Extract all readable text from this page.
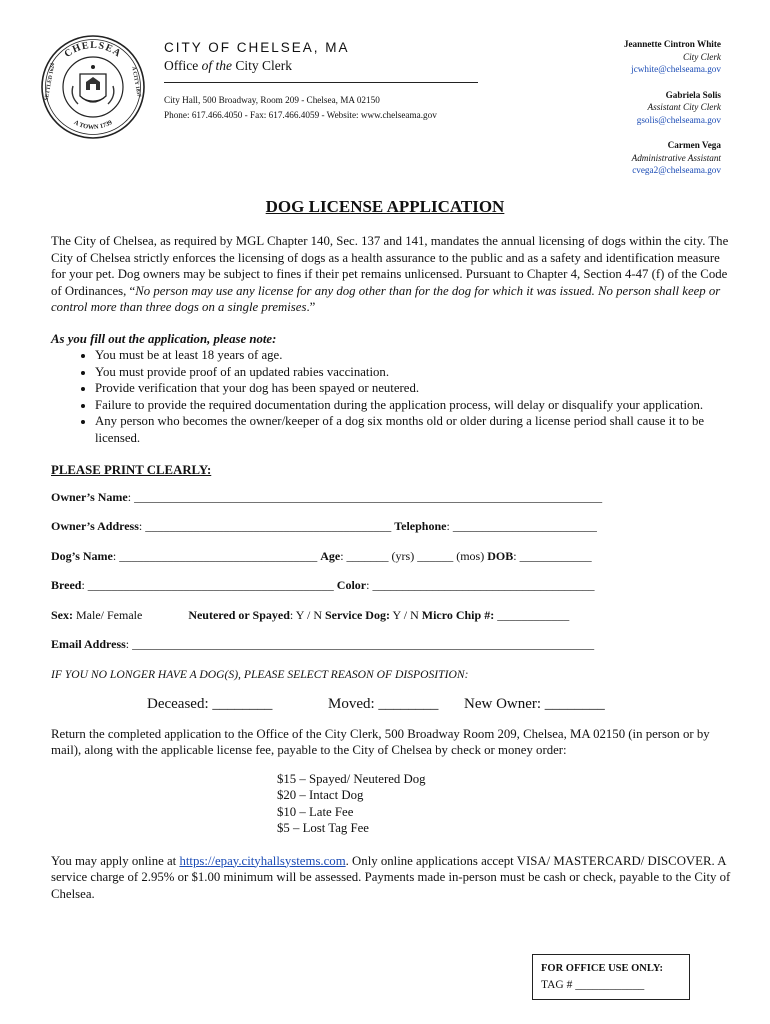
CHELSEA
A TOWN 1739
SETTLED 1624	A CITY 1857
CITY OF CHELSEA, MA
Office of the City Clerk
City Hall, 500 Broadway, Room 209 - Chelsea, MA 02150
Phone: 617.466.4050 - Fax: 617.466.4059 - Website: www.chelseama.gov
Jeannette Cintron White
City Clerk
jcwhite@chelseama.gov
Gabriela Solis
Assistant City Clerk
gsolis@chelseama.gov
Carmen Vega
Administrative Assistant
cvega2@chelseama.gov
DOG LICENSE APPLICATION

The City of Chelsea, as required by MGL Chapter 140, Sec. 137 and 141, mandates the annual licensing of dogs within the city. The City of Chelsea strictly enforces the licensing of dogs as a health assurance to the public and as a safety and identification measure for your pet. Dog owners may be subject to fines if their pet remains unlicensed. Pursuant to Chapter 4, Section 4-47 (f) of the Code of Ordinances, “No person may use any license for any dog other than for the dog for which it was issued. No person shall keep or control more than three dogs on a single premises.”

As you fill out the application, please note:
• You must be at least 18 years of age.
• You must provide proof of an updated rabies vaccination.
• Provide verification that your dog has been spayed or neutered.
• Failure to provide the required documentation during the application process, will delay or disqualify your application.
• Any person who becomes the owner/keeper of a dog six months old or older during a license period shall cause it to be licensed.
PLEASE PRINT CLEARLY:
Owner’s Name: ______________________________________________________________________________
Owner’s Address: _________________________________________ Telephone: ________________________
Dog’s Name: _________________________________ Age: _______ (yrs) ______ (mos) DOB: ____________
Breed: _________________________________________ Color: _____________________________________
Sex: Male/ Female	Neutered or Spayed: Y / N Service Dog: Y / N Micro Chip #: ____________
Email Address: _____________________________________________________________________________
IF YOU NO LONGER HAVE A DOG(S), PLEASE SELECT REASON OF DISPOSITION:
Deceased: ________	Moved: ________ New Owner: ________

Return the completed application to the Office of the City Clerk, 500 Broadway Room 209, Chelsea, MA 02150 (in person or by mail), along with the applicable license fee, payable to the City of Chelsea by check or money order:

$15 – Spayed/ Neutered Dog
$20 – Intact Dog
$10 – Late Fee
$5 – Lost Tag Fee

You may apply online at https://epay.cityhallsystems.com. Only online applications accept VISA/ MASTERCARD/ DISCOVER. A service charge of 2.95% or $1.00 minimum will be assessed. Payments made in-person must be cash or check, payable to the City of Chelsea.

FOR OFFICE USE ONLY:
TAG # ____________
